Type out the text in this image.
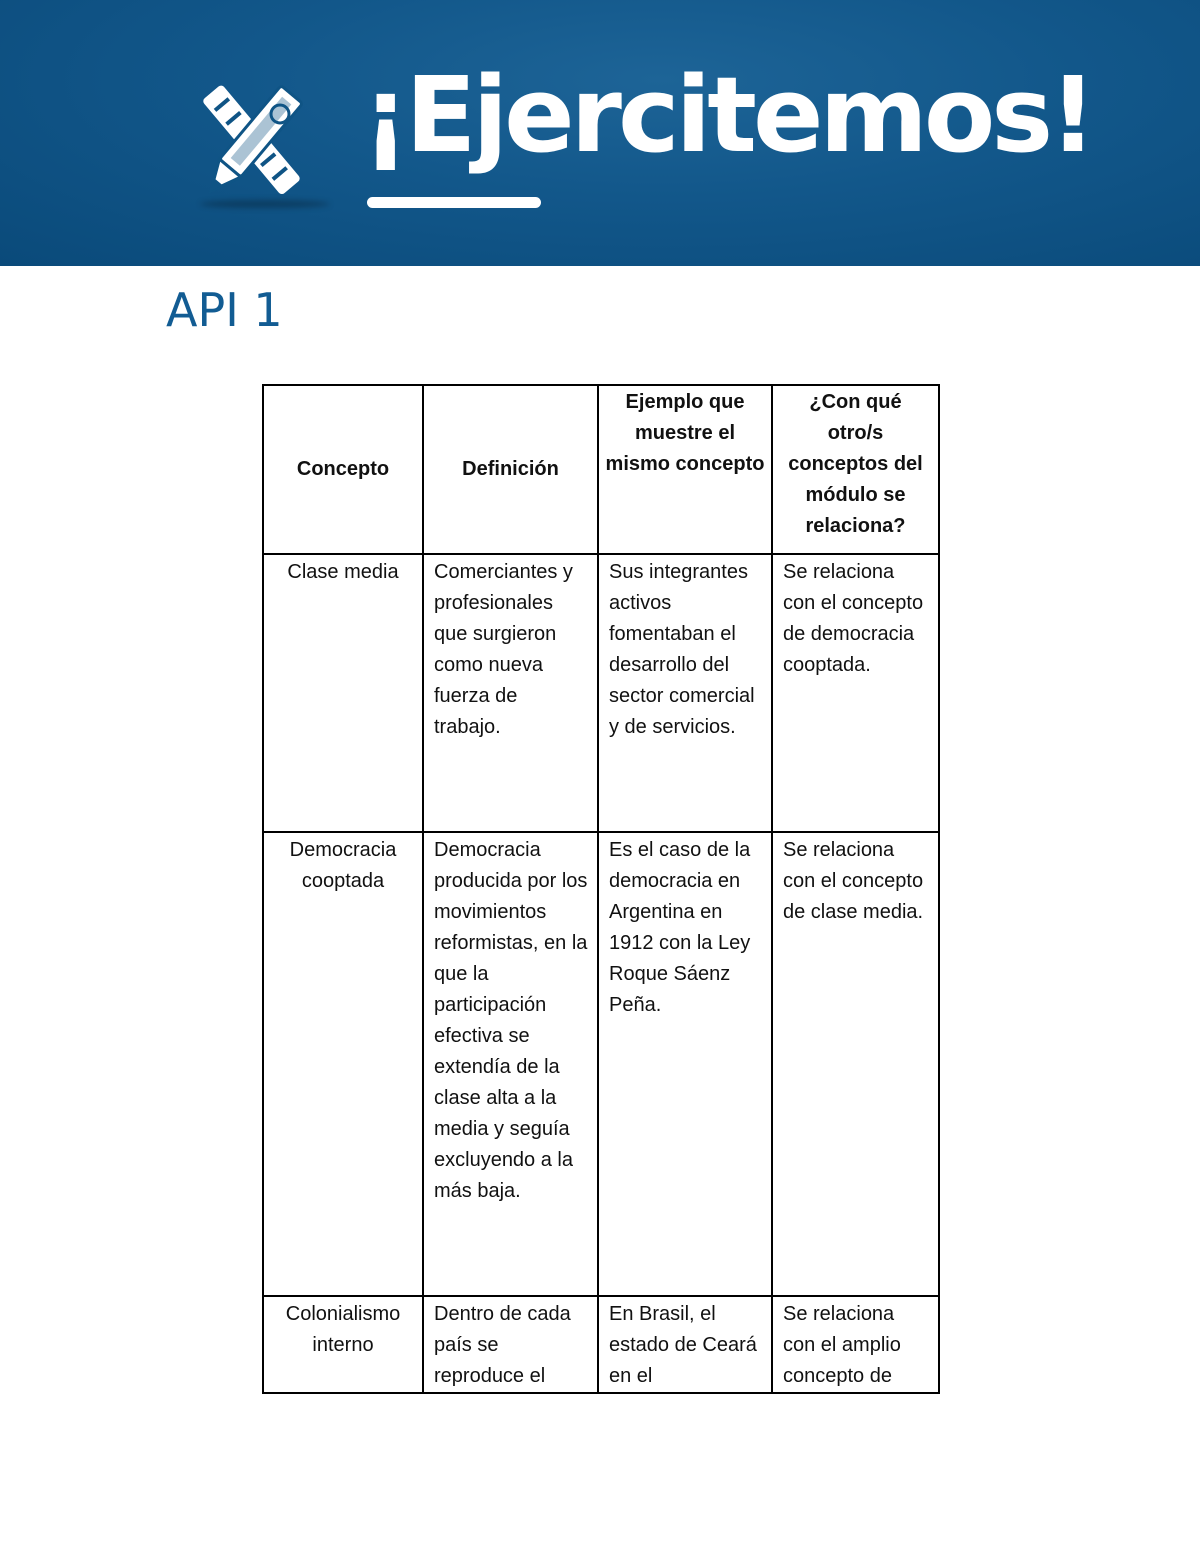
¡Ejercitemos!
API 1
Concepto	Definición	Ejemplo que muestre el mismo concepto	¿Con qué otro/s conceptos del módulo se relaciona?
Clase media	Comerciantes y profesionales que surgieron como nueva fuerza de trabajo.	Sus integrantes activos fomentaban el desarrollo del sector comercial y de servicios.	Se relaciona con el concepto de democracia cooptada.
Democracia cooptada	Democracia producida por los movimientos reformistas, en la que la participación efectiva se extendía de la clase alta a la media y seguía excluyendo a la más baja.	Es el caso de la democracia en Argentina en 1912 con la Ley Roque Sáenz Peña.	Se relaciona con el concepto de clase media.
Colonialismo interno	Dentro de cada país se reproduce el	En Brasil, el estado de Ceará en el	Se relaciona con el amplio concepto de
